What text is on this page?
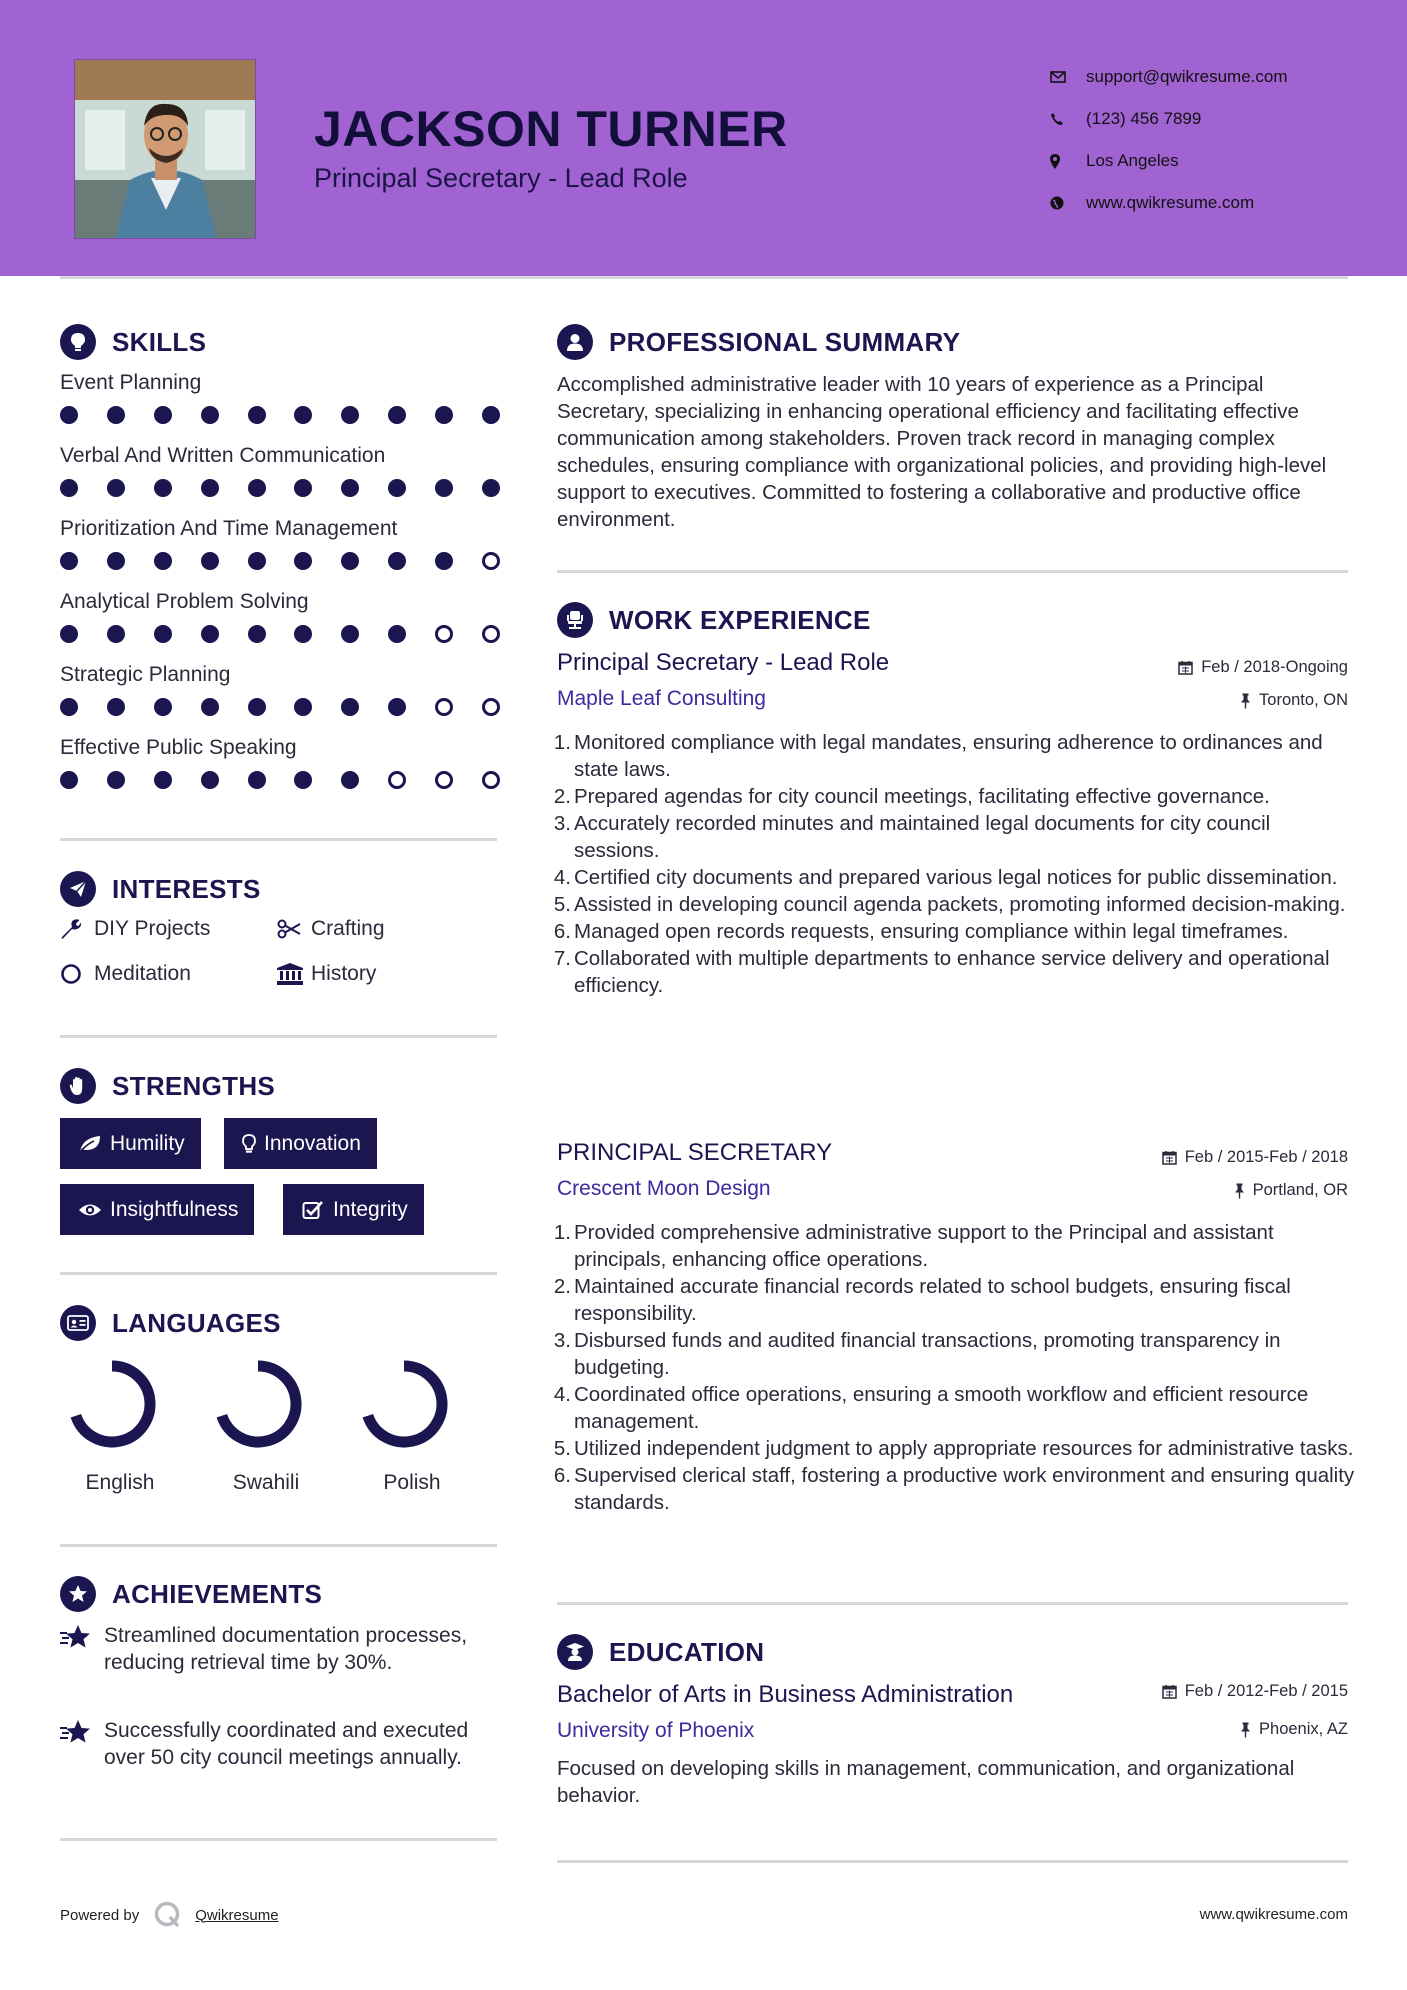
JACKSON TURNER
Principal Secretary - Lead Role
support@qwikresume.com
(123) 456 7899
Los Angeles
www.qwikresume.com
SKILLS
Event Planning
Verbal And Written Communication
Prioritization And Time Management
Analytical Problem Solving
Strategic Planning
Effective Public Speaking
INTERESTS
DIY Projects	Crafting
Meditation	History
STRENGTHS
Humility	Innovation
Insightfulness	Integrity
LANGUAGES
English	Swahili	Polish
ACHIEVEMENTS
Streamlined documentation processes, reducing retrieval time by 30%.
Successfully coordinated and executed over 50 city council meetings annually.
PROFESSIONAL SUMMARY
Accomplished administrative leader with 10 years of experience as a Principal Secretary, specializing in enhancing operational efficiency and facilitating effective communication among stakeholders. Proven track record in managing complex schedules, ensuring compliance with organizational policies, and providing high-level support to executives. Committed to fostering a collaborative and productive office environment.
WORK EXPERIENCE
Principal Secretary - Lead Role	Feb / 2018-Ongoing
Maple Leaf Consulting	Toronto, ON
1. Monitored compliance with legal mandates, ensuring adherence to ordinances and state laws.
2. Prepared agendas for city council meetings, facilitating effective governance.
3. Accurately recorded minutes and maintained legal documents for city council sessions.
4. Certified city documents and prepared various legal notices for public dissemination.
5. Assisted in developing council agenda packets, promoting informed decision-making.
6. Managed open records requests, ensuring compliance within legal timeframes.
7. Collaborated with multiple departments to enhance service delivery and operational efficiency.
PRINCIPAL SECRETARY	Feb / 2015-Feb / 2018
Crescent Moon Design	Portland, OR
1. Provided comprehensive administrative support to the Principal and assistant principals, enhancing office operations.
2. Maintained accurate financial records related to school budgets, ensuring fiscal responsibility.
3. Disbursed funds and audited financial transactions, promoting transparency in budgeting.
4. Coordinated office operations, ensuring a smooth workflow and efficient resource management.
5. Utilized independent judgment to apply appropriate resources for administrative tasks.
6. Supervised clerical staff, fostering a productive work environment and ensuring quality standards.
EDUCATION
Bachelor of Arts in Business Administration	Feb / 2012-Feb / 2015
University of Phoenix	Phoenix, AZ
Focused on developing skills in management, communication, and organizational behavior.
Powered by	Qwikresume	www.qwikresume.com
